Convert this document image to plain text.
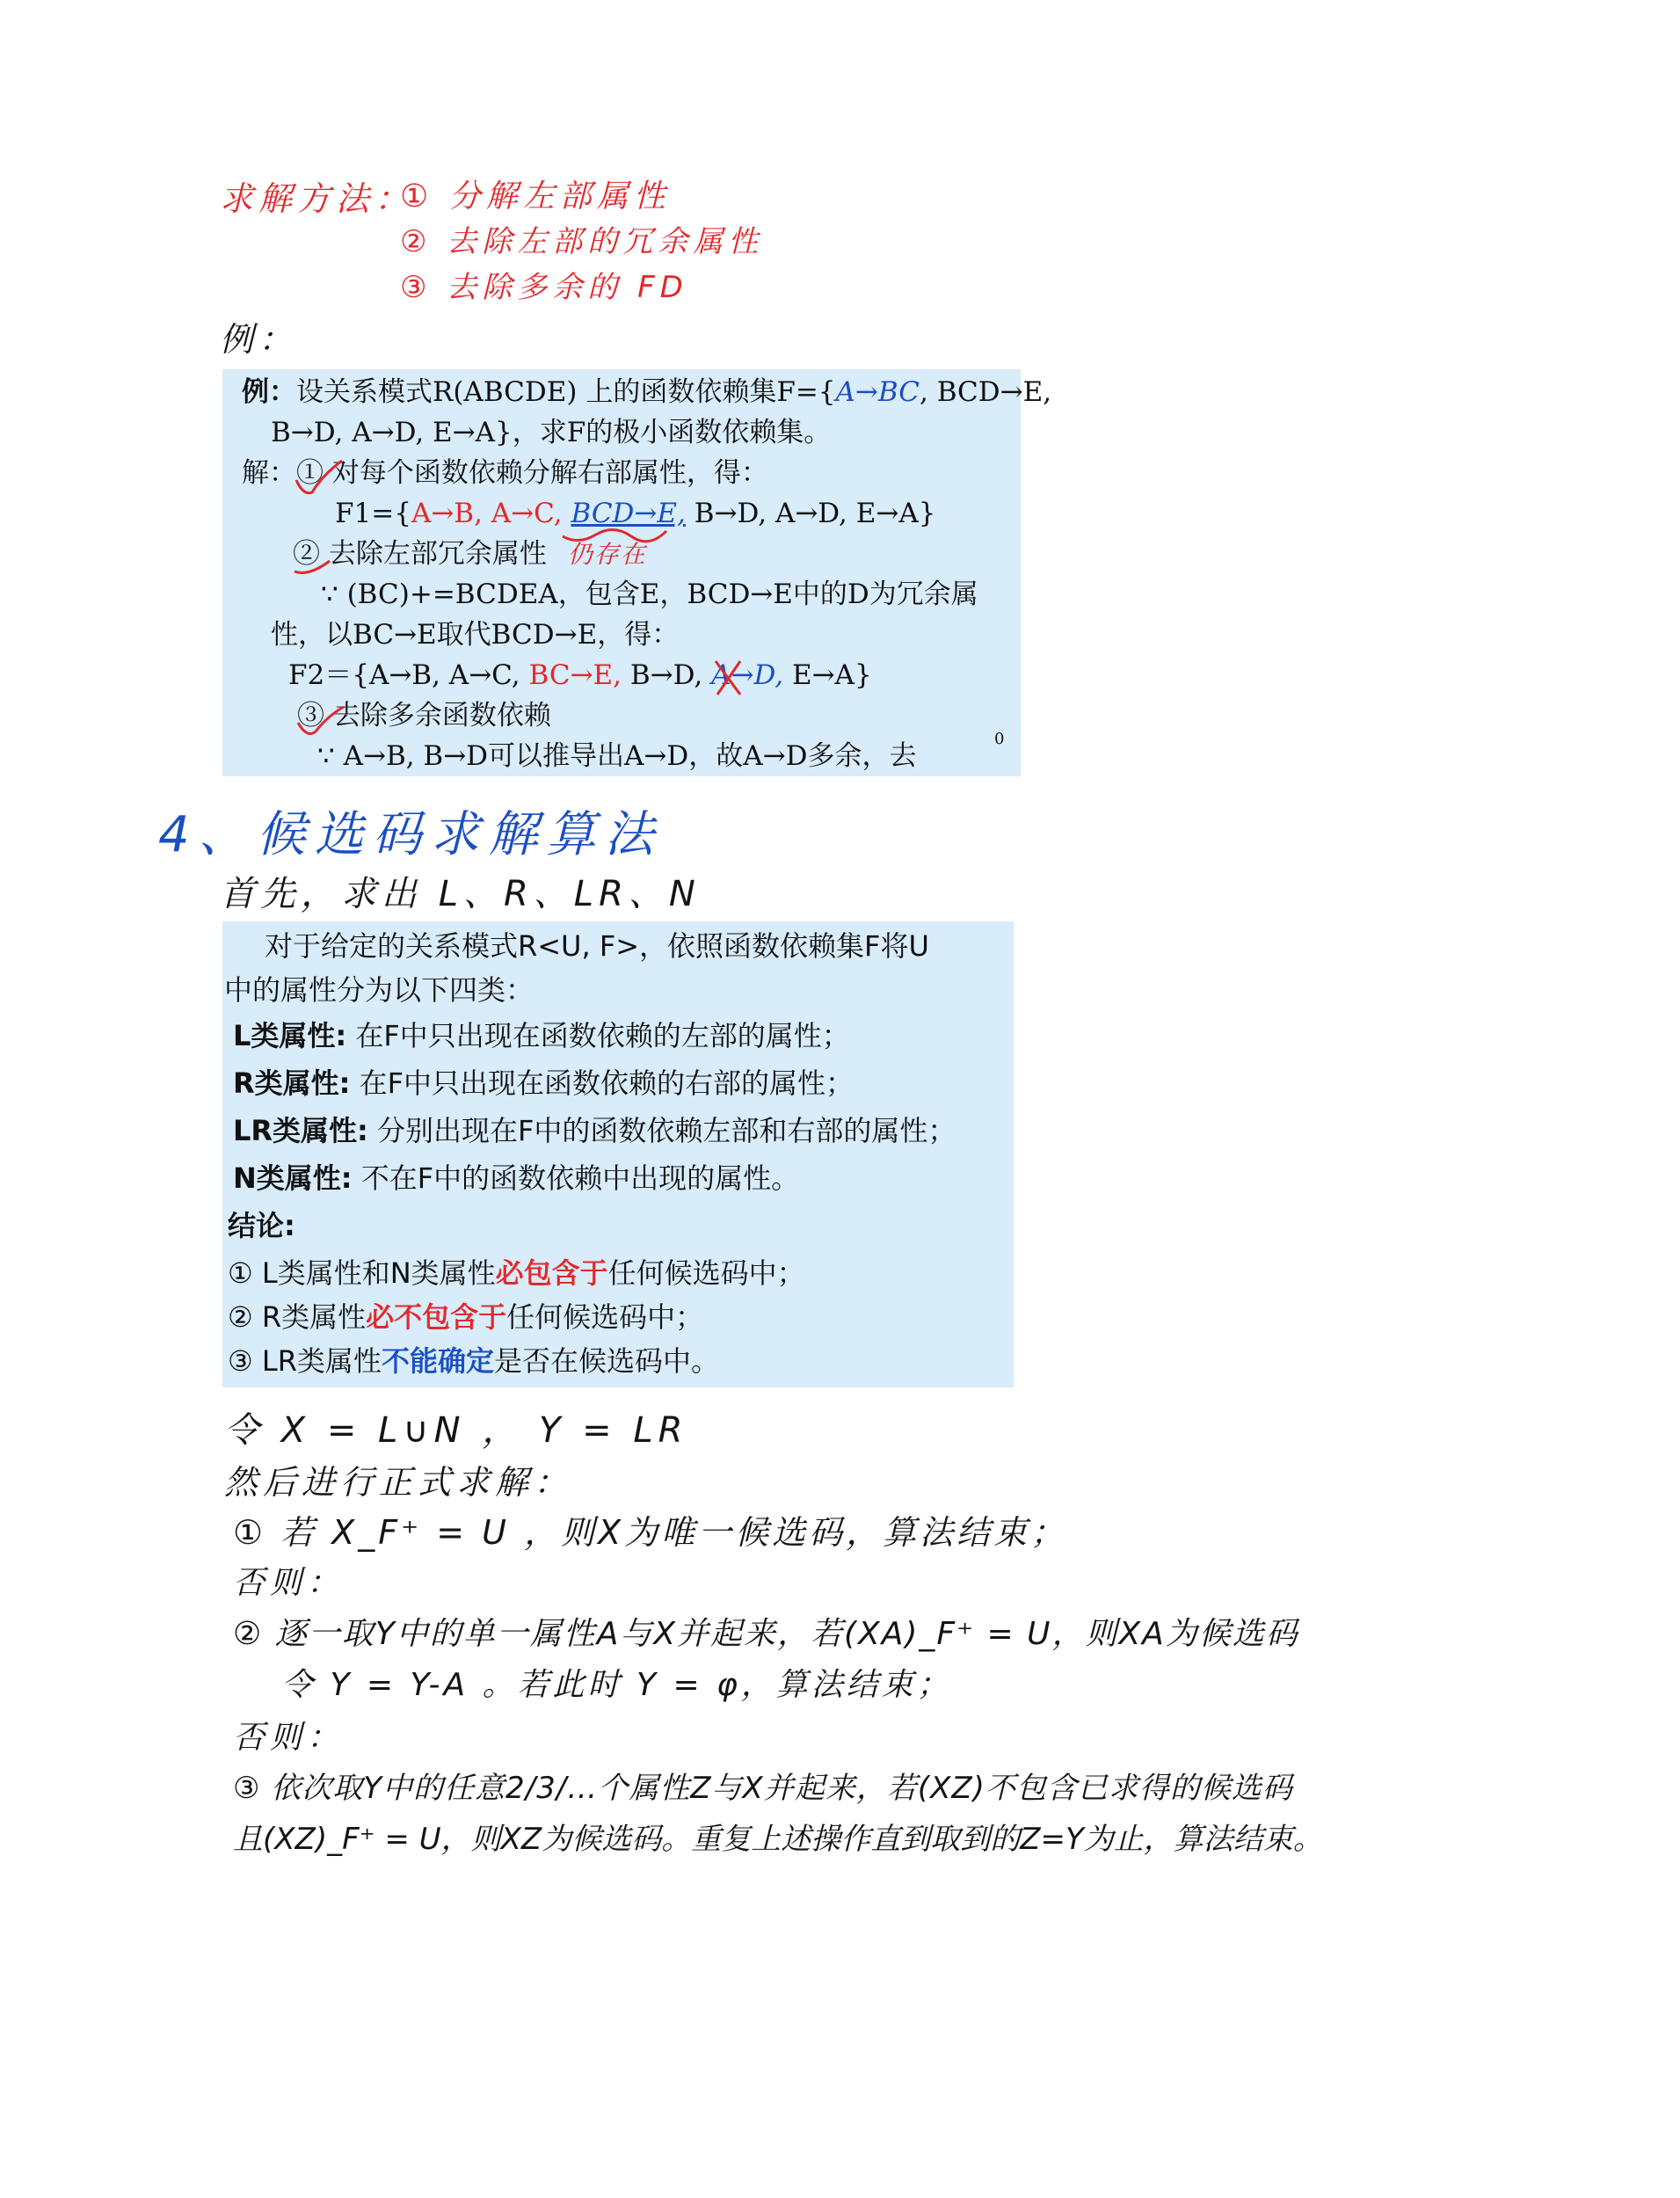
求解方法：
① 分解左部属性
② 去除左部的冗余属性
③ 去除多余的 FD
例：
例：设关系模式R(ABCDE) 上的函数依赖集F={A→BC, BCD→E,
B→D, A→D, E→A}，求F的极小函数依赖集。
解：① 对每个函数依赖分解右部属性，得：
F1={A→B, A→C, BCD→E, B→D, A→D, E→A}
② 去除左部冗余属性 仍存在
∵ (BC)+=BCDEA，包含E，BCD→E中的D为冗余属
性，以BC→E取代BCD→E，得：
F2＝{A→B, A→C, BC→E, B→D, A→D, E→A}
③ 去除多余函数依赖
∵ A→B, B→D可以推导出A→D，故A→D多余，去
0
4、候选码求解算法
首先，求出 L、R、LR、N
对于给定的关系模式R<U, F>，依照函数依赖集F将U
中的属性分为以下四类：
L类属性: 在F中只出现在函数依赖的左部的属性；
R类属性: 在F中只出现在函数依赖的右部的属性；
LR类属性: 分别出现在F中的函数依赖左部和右部的属性；
N类属性: 不在F中的函数依赖中出现的属性。
结论:
① L类属性和N类属性必包含于任何候选码中；
② R类属性必不包含于任何候选码中；
③ LR类属性不能确定是否在候选码中。
令 X = L∪N ， Y = LR
然后进行正式求解：
① 若 X_F⁺ = U ，则X为唯一候选码，算法结束；
否则：
② 逐一取Y中的单一属性A与X并起来，若(XA)_F⁺ = U，则XA为候选码
令 Y = Y-A 。若此时 Y = φ，算法结束；
否则：
③ 依次取Y中的任意2/3/…个属性Z与X并起来，若(XZ)不包含已求得的候选码
且(XZ)_F⁺ = U，则XZ为候选码。重复上述操作直到取到的Z=Y为止，算法结束。
